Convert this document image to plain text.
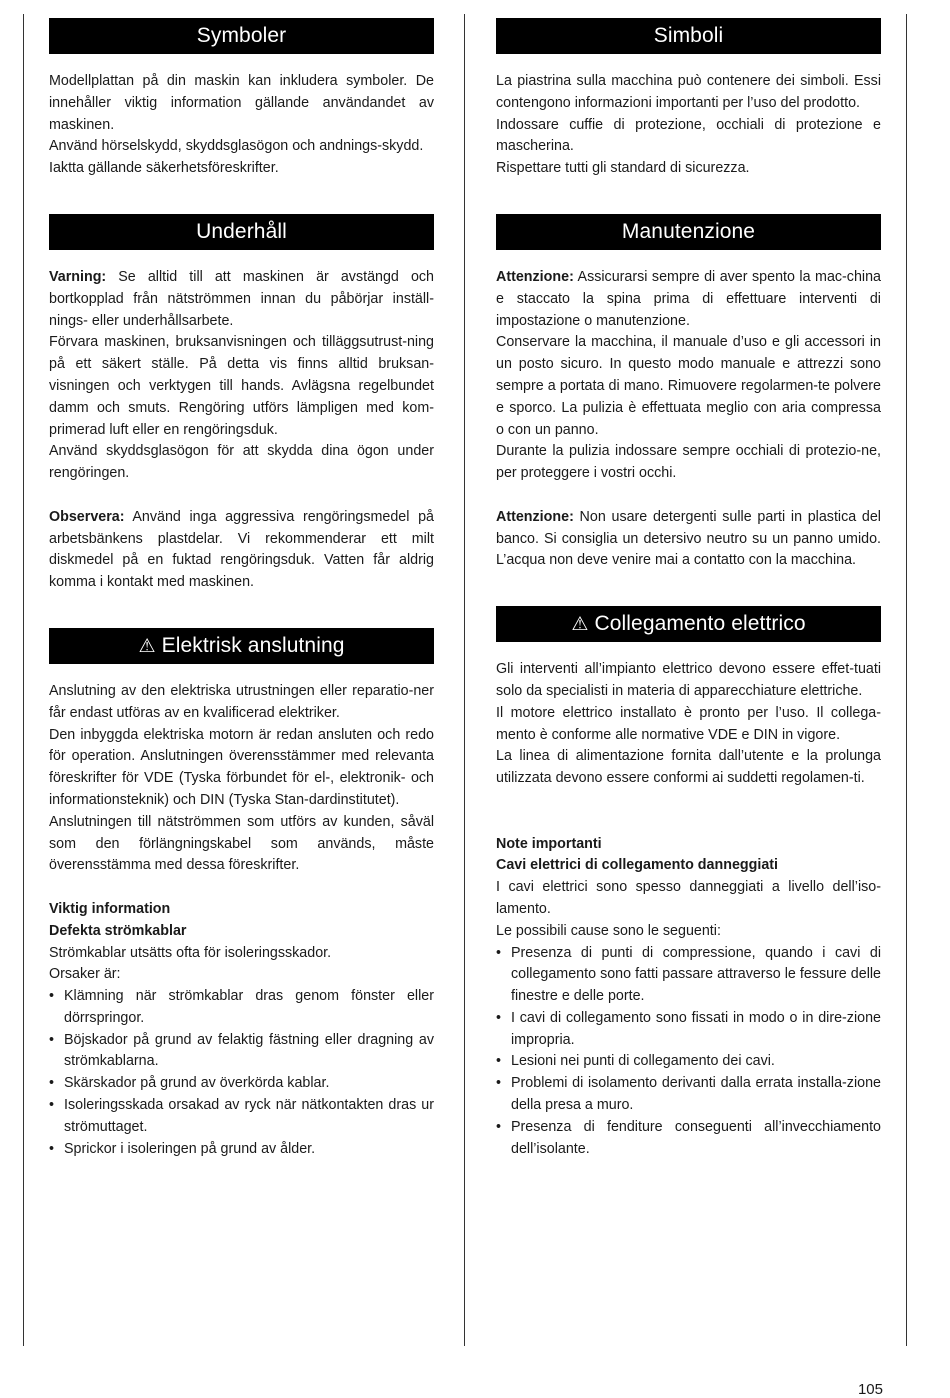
Symboler

Modellplattan på din maskin kan inkludera symboler. De innehåller viktig information gällande användandet av maskinen.

Använd hörselskydd, skyddsglasögon och andnings-skydd.

Iaktta gällande säkerhetsföreskrifter.

Underhåll

Varning: Se alltid till att maskinen är avstängd och bortkopplad från nätströmmen innan du påbörjar inställ-nings- eller underhållsarbete.

Förvara maskinen, bruksanvisningen och tilläggsutrust-ning på ett säkert ställe. På detta vis finns alltid bruksan-visningen och verktygen till hands. Avlägsna regelbundet damm och smuts. Rengöring utförs lämpligen med kom-primerad luft eller en rengöringsduk.

Använd skyddsglasögon för att skydda dina ögon under rengöringen.

Observera: Använd inga aggressiva rengöringsmedel på arbetsbänkens plastdelar. Vi rekommenderar ett milt diskmedel på en fuktad rengöringsduk. Vatten får aldrig komma i kontakt med maskinen.

⚠ Elektrisk anslutning

Anslutning av den elektriska utrustningen eller reparatio-ner får endast utföras av en kvalificerad elektriker.

Den inbyggda elektriska motorn är redan ansluten och redo för operation. Anslutningen överensstämmer med relevanta föreskrifter för VDE (Tyska förbundet för el-, elektronik- och informationsteknik) och DIN (Tyska Stan-dardinstitutet).

Anslutningen till nätströmmen som utförs av kunden, såväl som den förlängningskabel som används, måste överensstämma med dessa föreskrifter.

Viktig information

Defekta strömkablar

Strömkablar utsätts ofta för isoleringsskador.

Orsaker är:

• Klämning när strömkablar dras genom fönster eller dörrspringor.
• Böjskador på grund av felaktig fästning eller dragning av strömkablarna.
• Skärskador på grund av överkörda kablar.
• Isoleringsskada orsakad av ryck när nätkontakten dras ur strömuttaget.
• Sprickor i isoleringen på grund av ålder.
Simboli

La piastrina sulla macchina può contenere dei simboli. Essi contengono informazioni importanti per l’uso del prodotto.

Indossare cuffie di protezione, occhiali di protezione e mascherina.

Rispettare tutti gli standard di sicurezza.

Manutenzione

Attenzione: Assicurarsi sempre di aver spento la mac-china e staccato la spina prima di effettuare interventi di impostazione o manutenzione.

Conservare la macchina, il manuale d’uso e gli accessori in un posto sicuro. In questo modo manuale e attrezzi sono sempre a portata di mano. Rimuovere regolarmen-te polvere e sporco. La pulizia è effettuata meglio con aria compressa o con un panno.

Durante la pulizia indossare sempre occhiali di protezio-ne, per proteggere i vostri occhi.

Attenzione: Non usare detergenti sulle parti in plastica del banco. Si consiglia un detersivo neutro su un panno umido. L’acqua non deve venire mai a contatto con la macchina.

⚠ Collegamento elettrico

Gli interventi all’impianto elettrico devono essere effet-tuati solo da specialisti in materia di apparecchiature elettriche.

Il motore elettrico installato è pronto per l’uso. Il collega-mento è conforme alle normative VDE e DIN in vigore.

La linea di alimentazione fornita dall’utente e la prolunga utilizzata devono essere conformi ai suddetti regolamen-ti.

Note importanti

Cavi elettrici di collegamento danneggiati

I cavi elettrici sono spesso danneggiati a livello dell’iso-lamento.

Le possibili cause sono le seguenti:

• Presenza di punti di compressione, quando i cavi di collegamento sono fatti passare attraverso le fessure delle finestre e delle porte.
• I cavi di collegamento sono fissati in modo o in dire-zione impropria.
• Lesioni nei punti di collegamento dei cavi.
• Problemi di isolamento derivanti dalla errata installa-zione della presa a muro.
• Presenza di fenditure conseguenti all’invecchiamento dell’isolante.
105
